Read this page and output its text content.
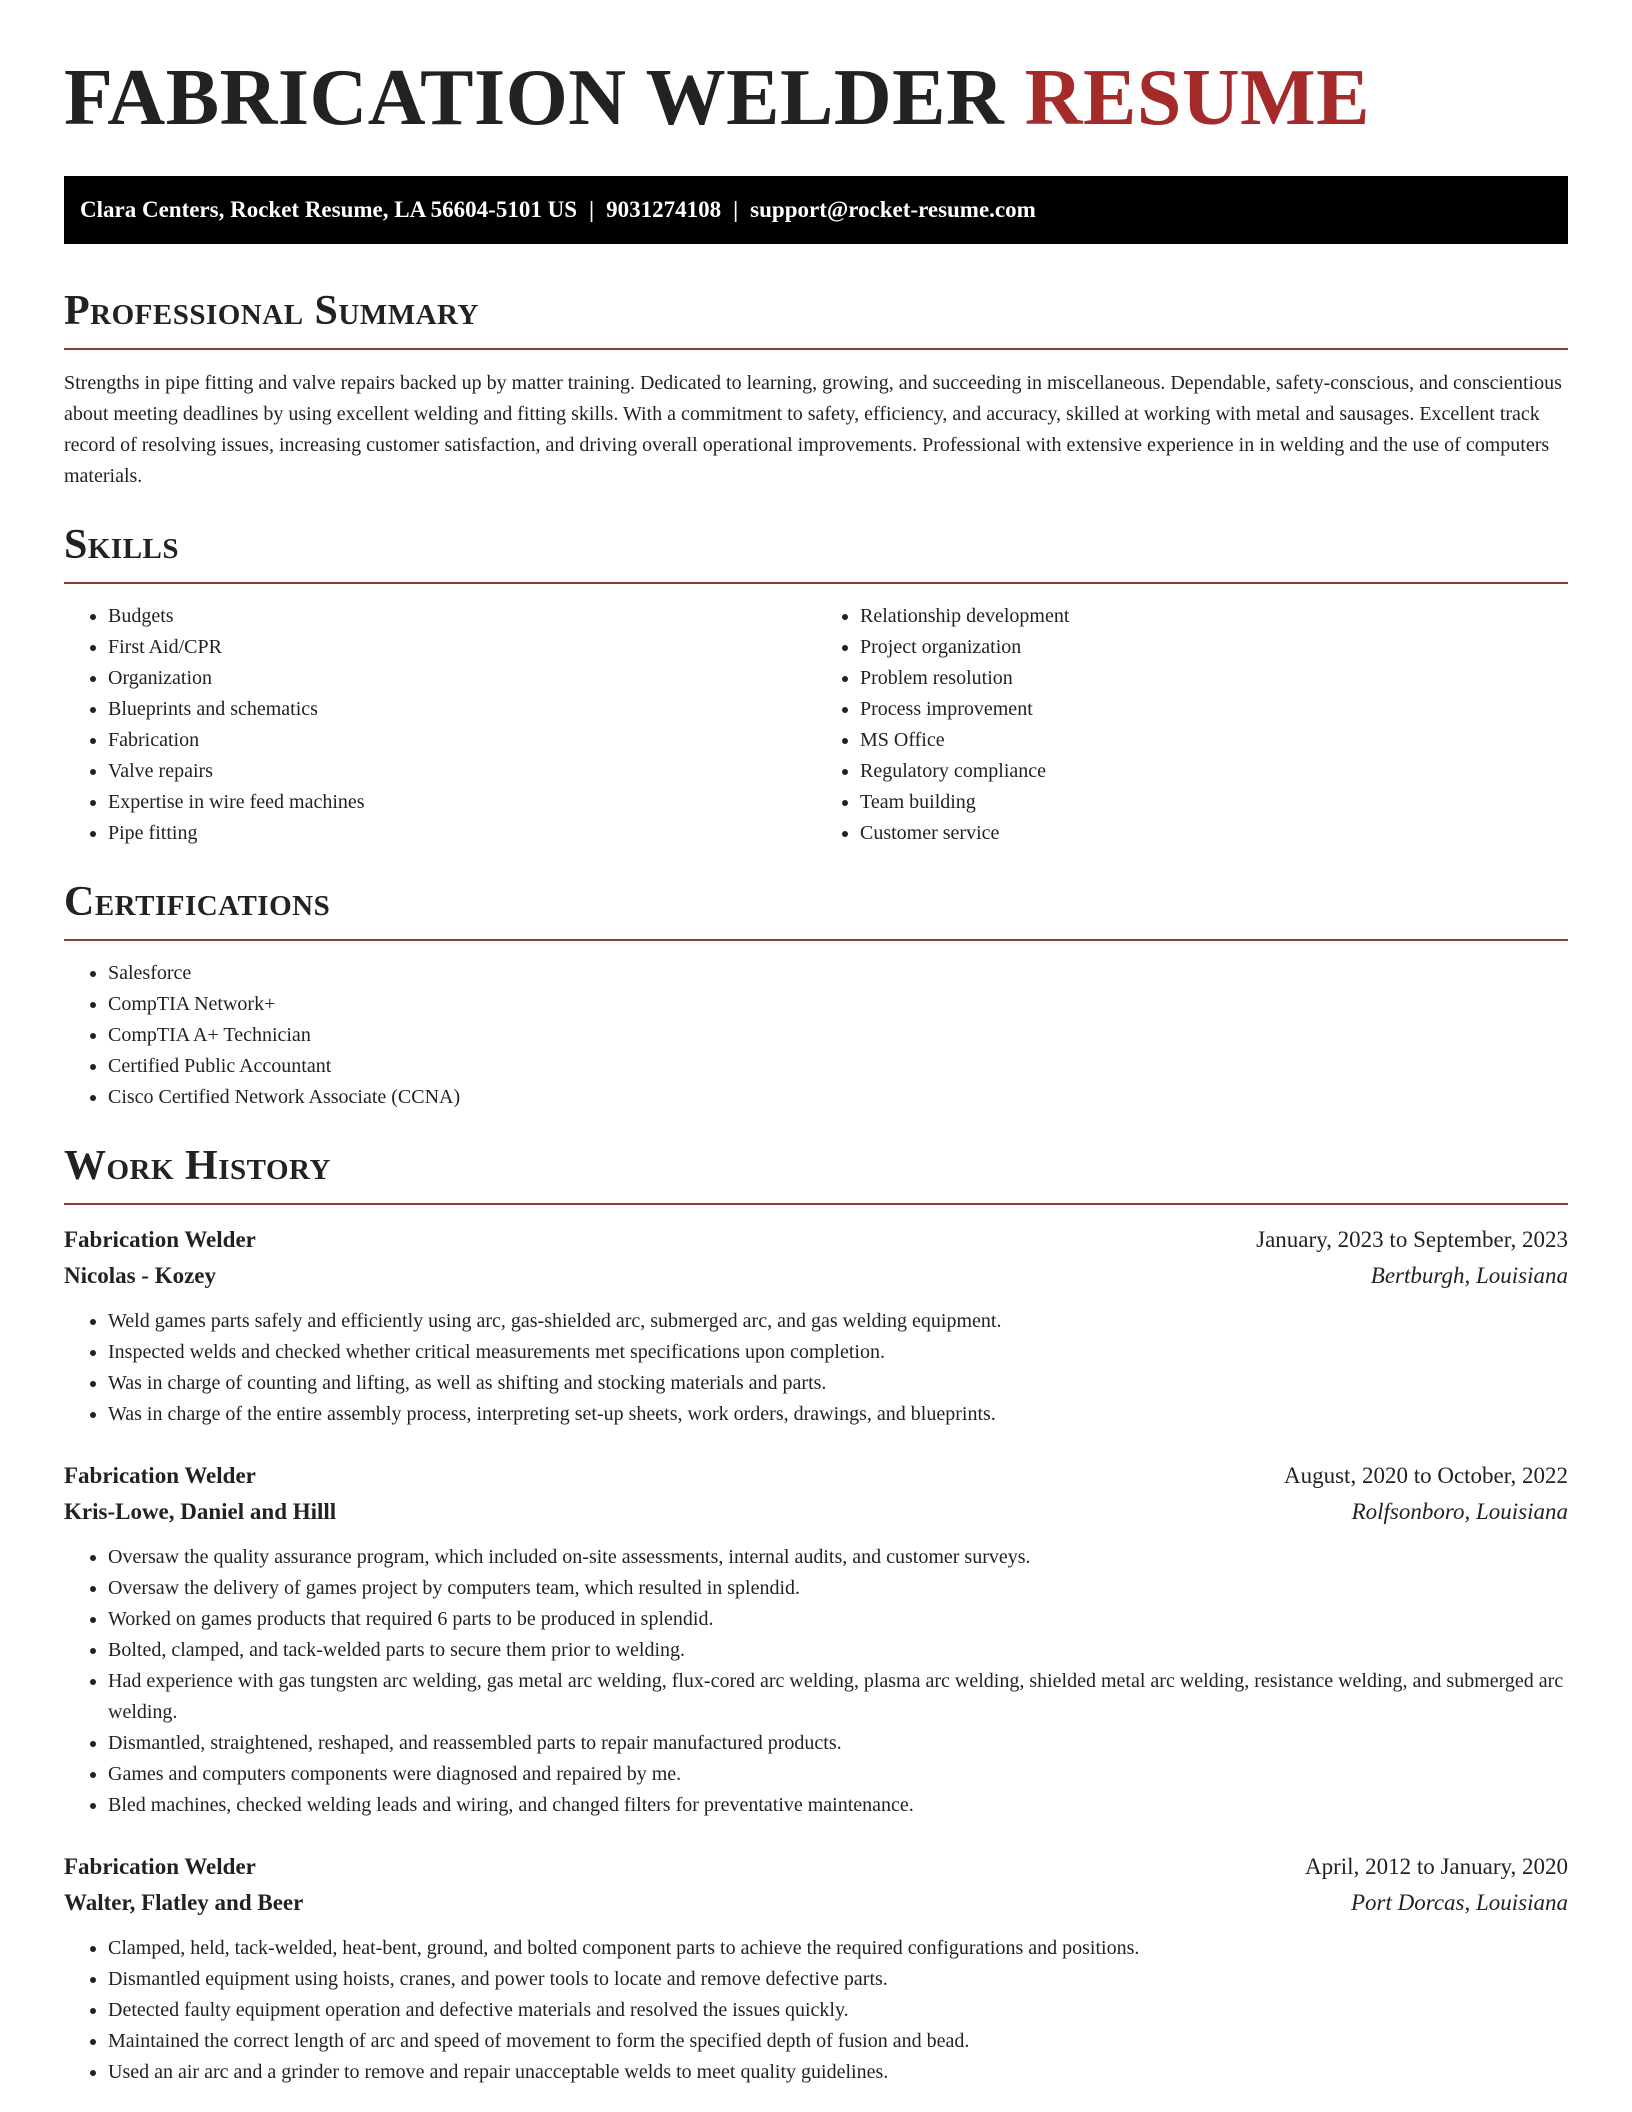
FABRICATION WELDER RESUME
Clara Centers, Rocket Resume, LA 56604-5101 US | 9031274108 | support@rocket-resume.com
Professional Summary

Strengths in pipe fitting and valve repairs backed up by matter training. Dedicated to learning, growing, and succeeding in miscellaneous. Dependable, safety-conscious, and conscientious about meeting deadlines by using excellent welding and fitting skills. With a commitment to safety, efficiency, and accuracy, skilled at working with metal and sausages. Excellent track record of resolving issues, increasing customer satisfaction, and driving overall operational improvements. Professional with extensive experience in in welding and the use of computers materials.

Skills
• Budgets
• First Aid/CPR
• Organization
• Blueprints and schematics
• Fabrication
• Valve repairs
• Expertise in wire feed machines
• Pipe fitting
• Relationship development
• Project organization
• Problem resolution
• Process improvement
• MS Office
• Regulatory compliance
• Team building
• Customer service
Certifications
• Salesforce
• CompTIA Network+
• CompTIA A+ Technician
• Certified Public Accountant
• Cisco Certified Network Associate (CCNA)
Work History
Fabrication Welder	January, 2023 to September, 2023
Nicolas - Kozey	Bertburgh, Louisiana
• Weld games parts safely and efficiently using arc, gas-shielded arc, submerged arc, and gas welding equipment.
• Inspected welds and checked whether critical measurements met specifications upon completion.
• Was in charge of counting and lifting, as well as shifting and stocking materials and parts.
• Was in charge of the entire assembly process, interpreting set-up sheets, work orders, drawings, and blueprints.
Fabrication Welder	August, 2020 to October, 2022
Kris-Lowe, Daniel and Hilll	Rolfsonboro, Louisiana
• Oversaw the quality assurance program, which included on-site assessments, internal audits, and customer surveys.
• Oversaw the delivery of games project by computers team, which resulted in splendid.
• Worked on games products that required 6 parts to be produced in splendid.
• Bolted, clamped, and tack-welded parts to secure them prior to welding.
• Had experience with gas tungsten arc welding, gas metal arc welding, flux-cored arc welding, plasma arc welding, shielded metal arc welding, resistance welding, and submerged arc welding.
• Dismantled, straightened, reshaped, and reassembled parts to repair manufactured products.
• Games and computers components were diagnosed and repaired by me.
• Bled machines, checked welding leads and wiring, and changed filters for preventative maintenance.
Fabrication Welder	April, 2012 to January, 2020
Walter, Flatley and Beer	Port Dorcas, Louisiana
• Clamped, held, tack-welded, heat-bent, ground, and bolted component parts to achieve the required configurations and positions.
• Dismantled equipment using hoists, cranes, and power tools to locate and remove defective parts.
• Detected faulty equipment operation and defective materials and resolved the issues quickly.
• Maintained the correct length of arc and speed of movement to form the specified depth of fusion and bead.
• Used an air arc and a grinder to remove and repair unacceptable welds to meet quality guidelines.
